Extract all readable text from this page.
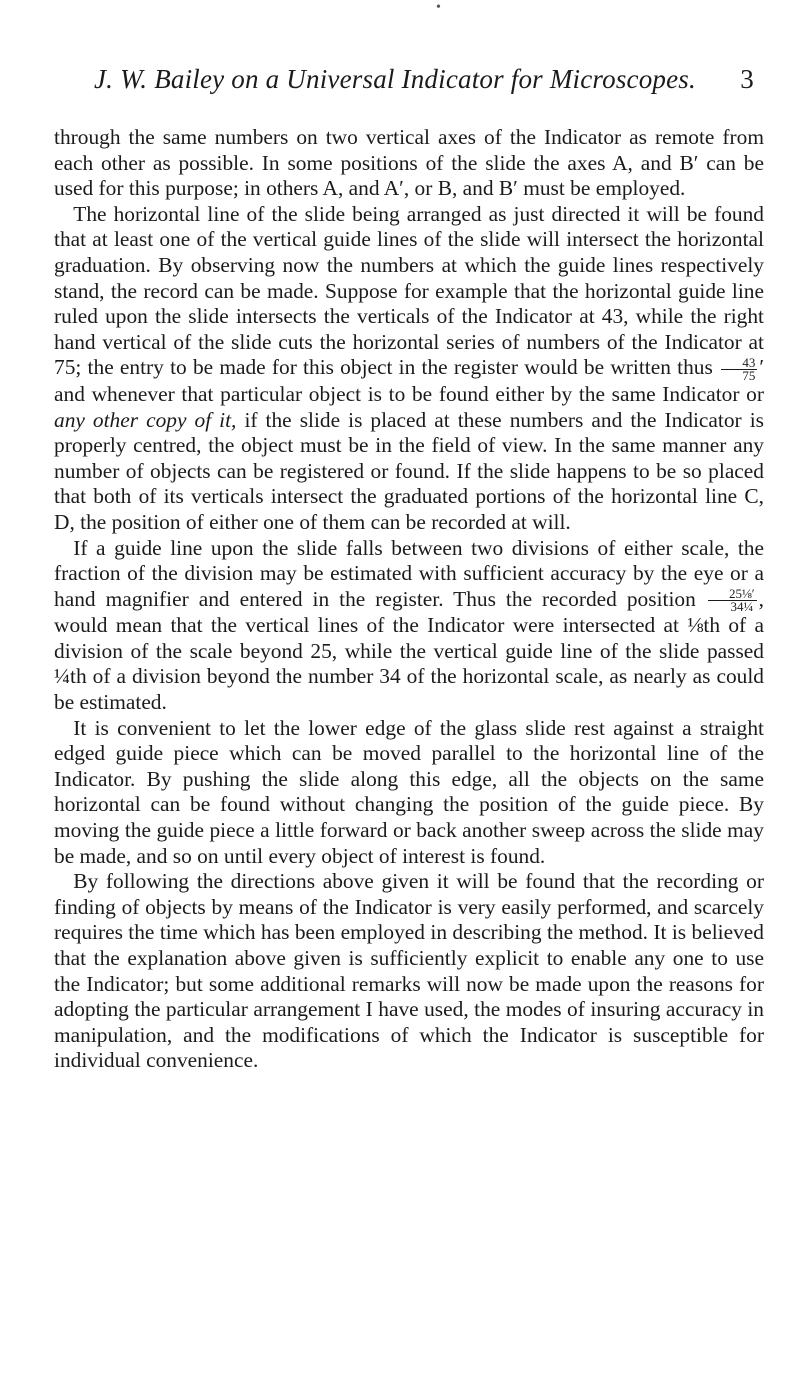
•
J. W. Bailey on a Universal Indicator for Microscopes. 3

through the same numbers on two vertical axes of the Indicator as remote from each other as possible. In some positions of the slide the axes A, and B′ can be used for this purpose; in others A, and A′, or B, and B′ must be employed.

The horizontal line of the slide being arranged as just directed it will be found that at least one of the vertical guide lines of the slide will intersect the horizontal graduation. By observing now the numbers at which the guide lines respectively stand, the record can be made. Suppose for example that the horizontal guide line ruled upon the slide intersects the verticals of the Indicator at 43, while the right hand vertical of the slide cuts the horizontal series of numbers of the Indicator at 75; the entry to be made for this object in the register would be written thus $\frac{43}{75}$ ′ and whenever that particular object is to be found either by the same Indicator or any other copy of it, if the slide is placed at these numbers and the Indicator is properly centred, the object must be in the field of view. In the same manner any number of objects can be registered or found. If the slide happens to be so placed that both of its verticals intersect the graduated portions of the horizontal line C, D, the position of either one of them can be recorded at will.

If a guide line upon the slide falls between two divisions of either scale, the fraction of the division may be estimated with sufficient accuracy by the eye or a hand magnifier and entered in the register. Thus the recorded position $\frac{\text{25⅛′}}{\text{34¼}}$ , would mean that the vertical lines of the Indicator were intersected at ⅛th of a division of the scale beyond 25, while the vertical guide line of the slide passed ¼th of a division beyond the number 34 of the horizontal scale, as nearly as could be estimated.

It is convenient to let the lower edge of the glass slide rest against a straight edged guide piece which can be moved parallel to the horizontal line of the Indicator. By pushing the slide along this edge, all the objects on the same horizontal can be found without changing the position of the guide piece. By moving the guide piece a little forward or back another sweep across the slide may be made, and so on until every object of interest is found.

By following the directions above given it will be found that the recording or finding of objects by means of the Indicator is very easily performed, and scarcely requires the time which has been employed in describing the method. It is believed that the explanation above given is sufficiently explicit to enable any one to use the Indicator; but some additional remarks will now be made upon the reasons for adopting the particular arrangement I have used, the modes of insuring accuracy in manipulation, and the modifications of which the Indicator is susceptible for individual convenience.
